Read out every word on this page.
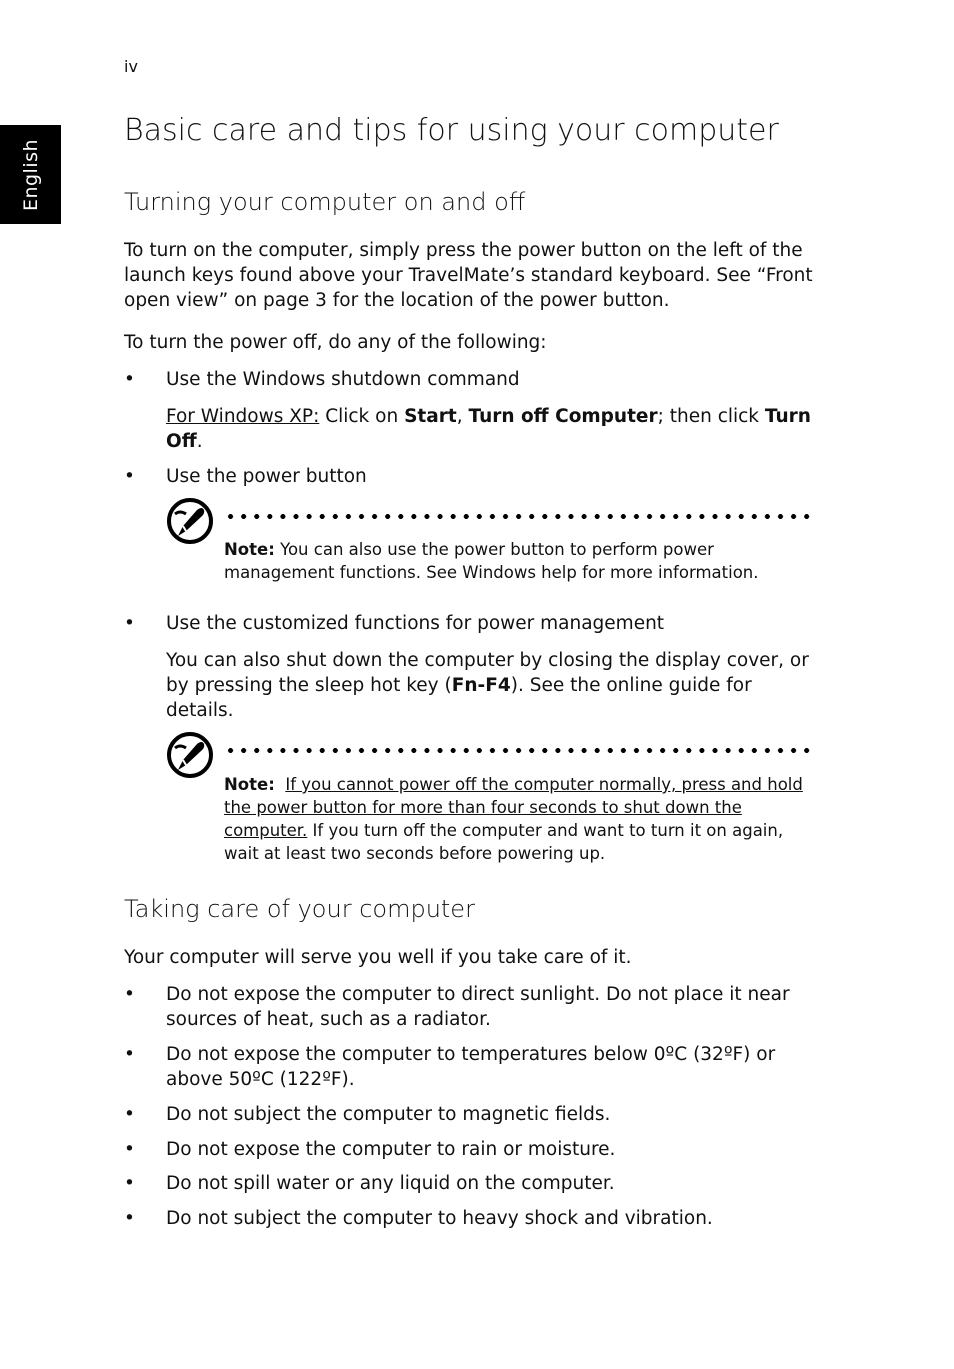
iv
English
Basic care and tips for using your computer
Turning your computer on and off
To turn on the computer, simply press the power button on the left of the launch keys found above your TravelMate’s standard keyboard. See “Front open view” on page 3 for the location of the power button.
To turn the power off, do any of the following:
• Use the Windows shutdown command
For Windows XP: Click on Start, Turn off Computer; then click Turn Off.
• Use the power button
Note: You can also use the power button to perform power management functions. See Windows help for more information.
• Use the customized functions for power management
You can also shut down the computer by closing the display cover, or by pressing the sleep hot key (Fn-F4). See the online guide for details.
Note: If you cannot power off the computer normally, press and hold the power button for more than four seconds to shut down the computer. If you turn off the computer and want to turn it on again, wait at least two seconds before powering up.
Taking care of your computer
Your computer will serve you well if you take care of it.
• Do not expose the computer to direct sunlight. Do not place it near sources of heat, such as a radiator.
• Do not expose the computer to temperatures below 0ºC (32ºF) or above 50ºC (122ºF).
• Do not subject the computer to magnetic fields.
• Do not expose the computer to rain or moisture.
• Do not spill water or any liquid on the computer.
• Do not subject the computer to heavy shock and vibration.
